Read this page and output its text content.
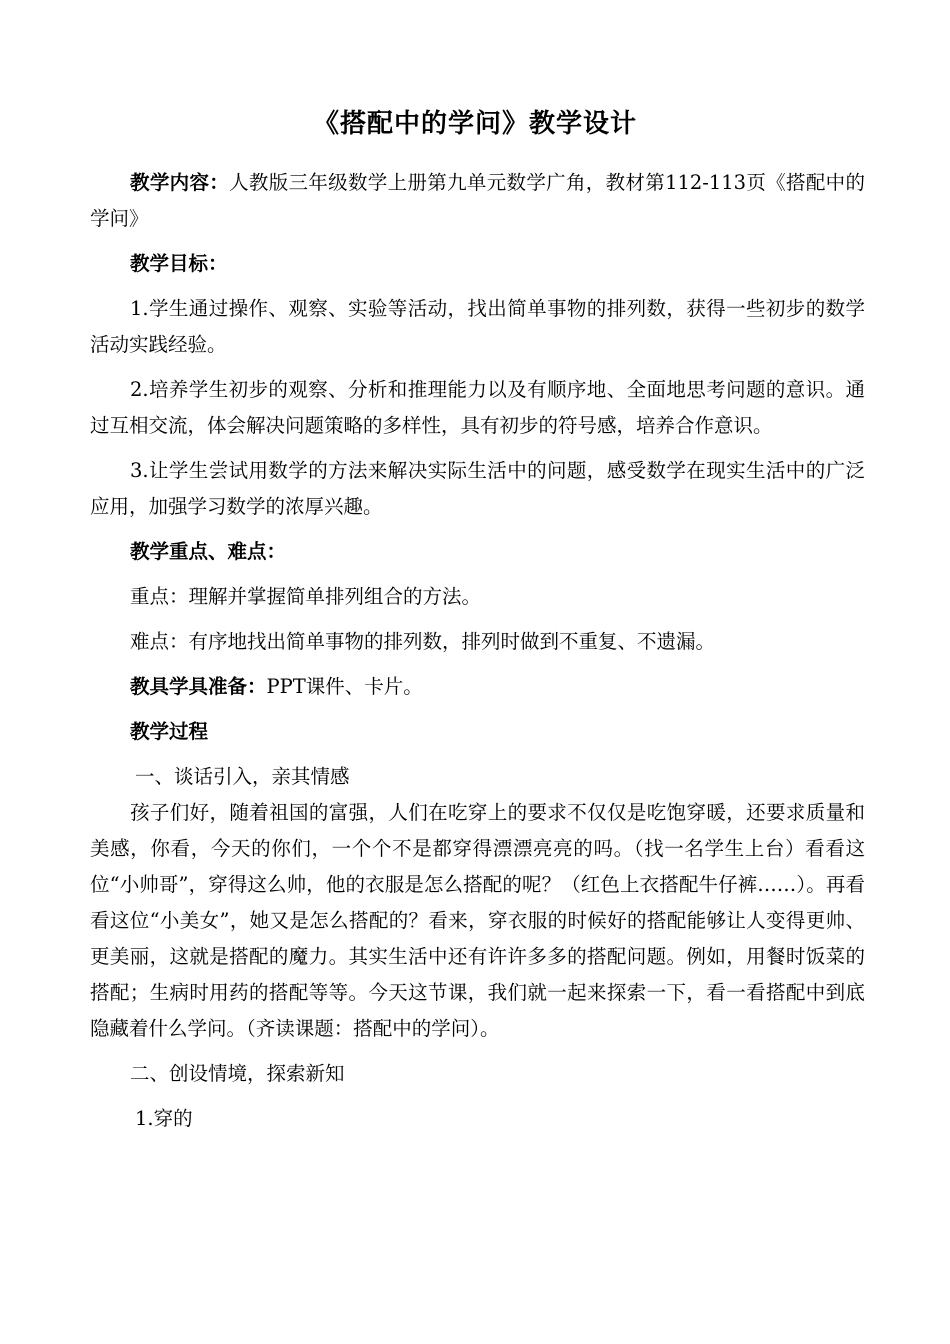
《搭配中的学问》教学设计

教学内容：人教版三年级数学上册第九单元数学广角，教材第112-113页《搭配中的学问》

教学目标：

1.学生通过操作、观察、实验等活动，找出简单事物的排列数，获得一些初步的数学活动实践经验。

2.培养学生初步的观察、分析和推理能力以及有顺序地、全面地思考问题的意识。通过互相交流，体会解决问题策略的多样性，具有初步的符号感，培养合作意识。

3.让学生尝试用数学的方法来解决实际生活中的问题，感受数学在现实生活中的广泛应用，加强学习数学的浓厚兴趣。

教学重点、难点：

重点：理解并掌握简单排列组合的方法。

难点：有序地找出简单事物的排列数，排列时做到不重复、不遗漏。

教具学具准备：PPT课件、卡片。

教学过程

一、谈话引入，亲其情感

孩子们好，随着祖国的富强，人们在吃穿上的要求不仅仅是吃饱穿暖，还要求质量和美感，你看，今天的你们，一个个不是都穿得漂漂亮亮的吗。（找一名学生上台）看看这位“小帅哥”，穿得这么帅，他的衣服是怎么搭配的呢？（红色上衣搭配牛仔裤……）。再看看这位“小美女”，她又是怎么搭配的？看来，穿衣服的时候好的搭配能够让人变得更帅、更美丽，这就是搭配的魔力。其实生活中还有许许多多的搭配问题。例如，用餐时饭菜的搭配；生病时用药的搭配等等。今天这节课，我们就一起来探索一下，看一看搭配中到底隐藏着什么学问。（齐读课题：搭配中的学问）。

二、创设情境，探索新知

1.穿的
